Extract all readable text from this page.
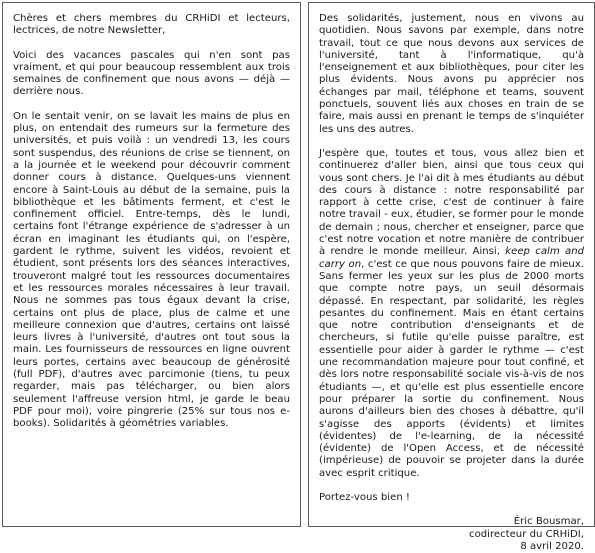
Chères et chers membres du CRHiDI et lecteurs, lectrices, de notre Newsletter,

Voici des vacances pascales qui n'en sont pas vraiment, et qui pour beaucoup ressemblent aux trois semaines de confinement que nous avons — déjà — derrière nous.

On le sentait venir, on se lavait les mains de plus en plus, on entendait des rumeurs sur la fermeture des universités, et puis voilà : un vendredi 13, les cours sont suspendus, des réunions de crise se tiennent, on a la journée et le weekend pour découvrir comment donner cours à distance. Quelques-uns viennent encore à Saint-Louis au début de la semaine, puis la bibliothèque et les bâtiments ferment, et c'est le confinement officiel. Entre-temps, dès le lundi, certains font l'étrange expérience de s'adresser à un écran en imaginant les étudiants qui, on l'espère, gardent le rythme, suivent les vidéos, revoient et étudient, sont présents lors des séances interactives, trouveront malgré tout les ressources documentaires et les ressources morales nécessaires à leur travail. Nous ne sommes pas tous égaux devant la crise, certains ont plus de place, plus de calme et une meilleure connexion que d'autres, certains ont laissé leurs livres à l'université, d'autres ont tout sous la main. Les fournisseurs de ressources en ligne ouvrent leurs portes, certains avec beaucoup de générosité (full PDF), d'autres avec parcimonie (tiens, tu peux regarder, mais pas télécharger, ou bien alors seulement l'affreuse version html, je garde le beau PDF pour moi), voire pingrerie (25% sur tous nos e-books). Solidarités à géométries variables.

Des solidarités, justement, nous en vivons au quotidien. Nous savons par exemple, dans notre travail, tout ce que nous devons aux services de l'université, tant à l'informatique, qu'à l'enseignement et aux bibliothèques, pour citer les plus évidents. Nous avons pu apprécier nos échanges par mail, téléphone et teams, souvent ponctuels, souvent liés aux choses en train de se faire, mais aussi en prenant le temps de s'inquiéter les uns des autres.

J'espère que, toutes et tous, vous allez bien et continuerez d'aller bien, ainsi que tous ceux qui vous sont chers. Je l'ai dit à mes étudiants au début des cours à distance : notre responsabilité par rapport à cette crise, c'est de continuer à faire notre travail - eux, étudier, se former pour le monde de demain ; nous, chercher et enseigner, parce que c'est notre vocation et notre manière de contribuer à rendre le monde meilleur. Ainsi, keep calm and carry on, c'est ce que nous pouvons faire de mieux. Sans fermer les yeux sur les plus de 2000 morts que compte notre pays, un seuil désormais dépassé. En respectant, par solidarité, les règles pesantes du confinement. Mais en étant certains que notre contribution d'enseignants et de chercheurs, si futile qu'elle puisse paraître, est essentielle pour aider à garder le rythme — c'est une recommandation majeure pour tout confiné, et dès lors notre responsabilité sociale vis-à-vis de nos étudiants —, et qu'elle est plus essentielle encore pour préparer la sortie du confinement. Nous aurons d'ailleurs bien des choses à débattre, qu'il s'agisse des apports (évidents) et limites (évidentes) de l'e-learning, de la nécessité (évidente) de l'Open Access, et de nécessité (impérieuse) de pouvoir se projeter dans la durée avec esprit critique.

Portez-vous bien !

Éric Bousmar,
codirecteur du CRHiDI,
8 avril 2020.
